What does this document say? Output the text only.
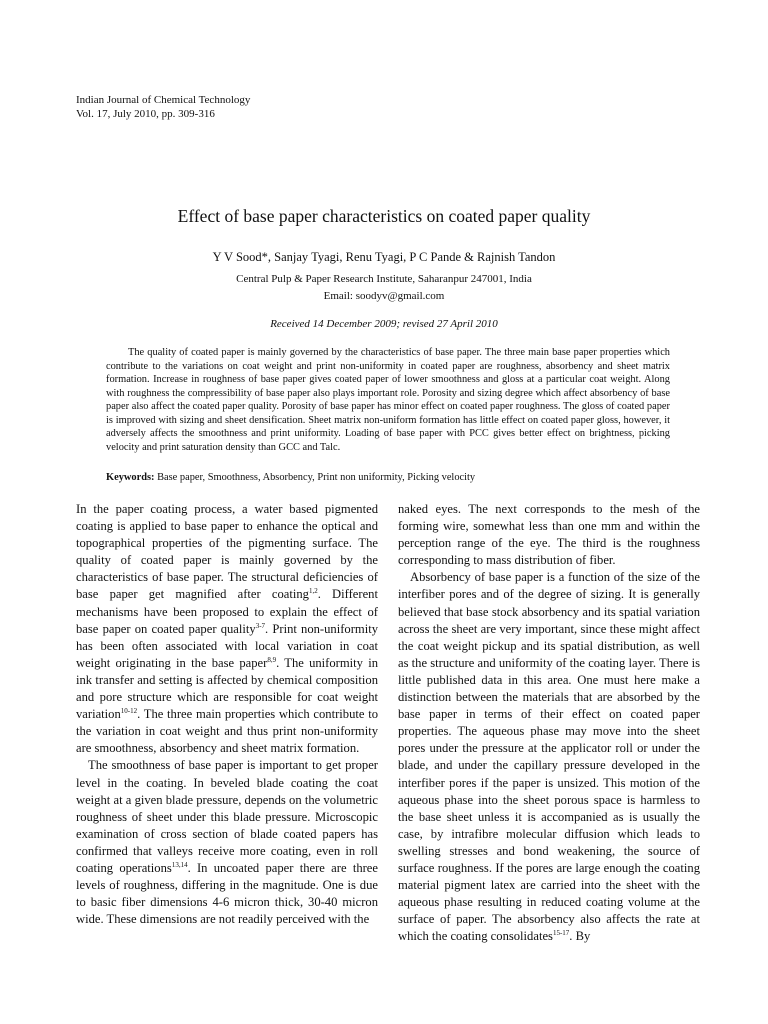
Indian Journal of Chemical Technology
Vol. 17, July 2010, pp. 309-316
Effect of base paper characteristics on coated paper quality
Y V Sood*, Sanjay Tyagi, Renu Tyagi, P C Pande & Rajnish Tandon
Central Pulp & Paper Research Institute, Saharanpur 247001, India
Email: soodyv@gmail.com
Received 14 December 2009; revised 27 April 2010

The quality of coated paper is mainly governed by the characteristics of base paper. The three main base paper properties which contribute to the variations on coat weight and print non-uniformity in coated paper are roughness, absorbency and sheet matrix formation. Increase in roughness of base paper gives coated paper of lower smoothness and gloss at a particular coat weight. Along with roughness the compressibility of base paper also plays important role. Porosity and sizing degree which affect absorbency of base paper also affect the coated paper quality. Porosity of base paper has minor effect on coated paper roughness. The gloss of coated paper is improved with sizing and sheet densification. Sheet matrix non-uniform formation has little effect on coated paper gloss, however, it adversely affects the smoothness and print uniformity. Loading of base paper with PCC gives better effect on brightness, picking velocity and print saturation density than GCC and Talc.

Keywords: Base paper, Smoothness, Absorbency, Print non uniformity, Picking velocity

In the paper coating process, a water based pigmented coating is applied to base paper to enhance the optical and topographical properties of the pigmenting surface. The quality of coated paper is mainly governed by the characteristics of base paper. The structural deficiencies of base paper get magnified after coating$^{1,2}$. Different mechanisms have been proposed to explain the effect of base paper on coated paper quality$^{3-7}$. Print non-uniformity has been often associated with local variation in coat weight originating in the base paper$^{8,9}$. The uniformity in ink transfer and setting is affected by chemical composition and pore structure which are responsible for coat weight variation$^{10-12}$. The three main properties which contribute to the variation in coat weight and thus print non-uniformity are smoothness, absorbency and sheet matrix formation.

The smoothness of base paper is important to get proper level in the coating. In beveled blade coating the coat weight at a given blade pressure, depends on the volumetric roughness of sheet under this blade pressure. Microscopic examination of cross section of blade coated papers has confirmed that valleys receive more coating, even in roll coating operations$^{13,14}$. In uncoated paper there are three levels of roughness, differing in the magnitude. One is due to basic fiber dimensions 4-6 micron thick, 30-40 micron wide. These dimensions are not readily perceived with the

naked eyes. The next corresponds to the mesh of the forming wire, somewhat less than one mm and within the perception range of the eye. The third is the roughness corresponding to mass distribution of fiber.

Absorbency of base paper is a function of the size of the interfiber pores and of the degree of sizing. It is generally believed that base stock absorbency and its spatial variation across the sheet are very important, since these might affect the coat weight pickup and its spatial distribution, as well as the structure and uniformity of the coating layer. There is little published data in this area. One must here make a distinction between the materials that are absorbed by the base paper in terms of their effect on coated paper properties. The aqueous phase may move into the sheet pores under the pressure at the applicator roll or under the blade, and under the capillary pressure developed in the interfiber pores if the paper is unsized. This motion of the aqueous phase into the sheet porous space is harmless to the base sheet unless it is accompanied as is usually the case, by intrafibre molecular diffusion which leads to swelling stresses and bond weakening, the source of surface roughness. If the pores are large enough the coating material pigment latex are carried into the sheet with the aqueous phase resulting in reduced coating volume at the surface of paper. The absorbency also affects the rate at which the coating consolidates$^{15-17}$. By
